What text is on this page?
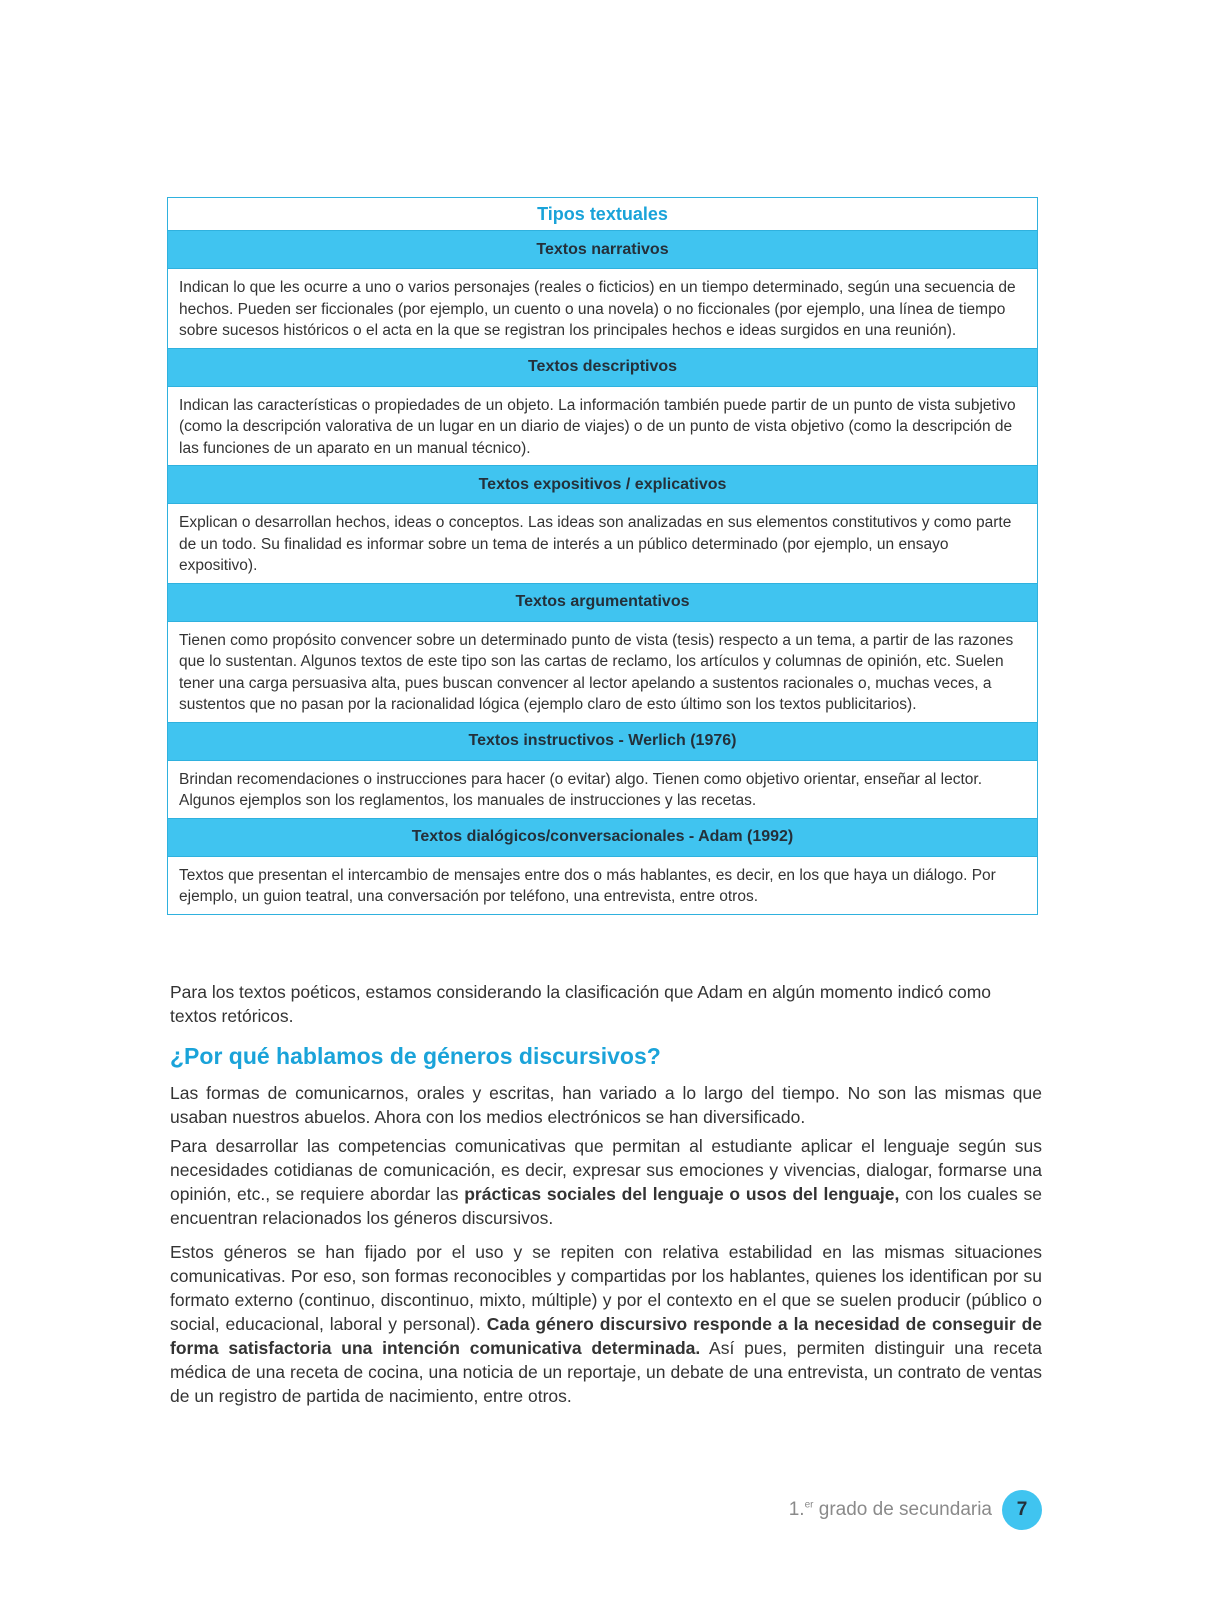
Tipos textuales
Textos narrativos
Indican lo que les ocurre a uno o varios personajes (reales o ficticios) en un tiempo determinado, según una secuencia de hechos. Pueden ser ficcionales (por ejemplo, un cuento o una novela) o no ficcionales (por ejemplo, una línea de tiempo sobre sucesos históricos o el acta en la que se registran los principales hechos e ideas surgidos en una reunión).
Textos descriptivos
Indican las características o propiedades de un objeto. La información también puede partir de un punto de vista subjetivo (como la descripción valorativa de un lugar en un diario de viajes) o de un punto de vista objetivo (como la descripción de las funciones de un aparato en un manual técnico).
Textos expositivos / explicativos
Explican o desarrollan hechos, ideas o conceptos. Las ideas son analizadas en sus elementos constitutivos y como parte de un todo. Su finalidad es informar sobre un tema de interés a un público determinado (por ejemplo, un ensayo expositivo).
Textos argumentativos
Tienen como propósito convencer sobre un determinado punto de vista (tesis) respecto a un tema, a partir de las razones que lo sustentan. Algunos textos de este tipo son las cartas de reclamo, los artículos y columnas de opinión, etc. Suelen tener una carga persuasiva alta, pues buscan convencer al lector apelando a sustentos racionales o, muchas veces, a sustentos que no pasan por la racionalidad lógica (ejemplo claro de esto último son los textos publicitarios).
Textos instructivos - Werlich (1976)
Brindan recomendaciones o instrucciones para hacer (o evitar) algo. Tienen como objetivo orientar, enseñar al lector. Algunos ejemplos son los reglamentos, los manuales de instrucciones y las recetas.
Textos dialógicos/conversacionales - Adam (1992)
Textos que presentan el intercambio de mensajes entre dos o más hablantes, es decir, en los que haya un diálogo. Por ejemplo, un guion teatral, una conversación por teléfono, una entrevista, entre otros.

Para los textos poéticos, estamos considerando la clasificación que Adam en algún momento indicó como textos retóricos.

¿Por qué hablamos de géneros discursivos?

Las formas de comunicarnos, orales y escritas, han variado a lo largo del tiempo. No son las mismas que usaban nuestros abuelos. Ahora con los medios electrónicos se han diversificado.

Para desarrollar las competencias comunicativas que permitan al estudiante aplicar el lenguaje según sus necesidades cotidianas de comunicación, es decir, expresar sus emociones y vivencias, dialogar, formarse una opinión, etc., se requiere abordar las prácticas sociales del lenguaje o usos del lenguaje, con los cuales se encuentran relacionados los géneros discursivos.

Estos géneros se han fijado por el uso y se repiten con relativa estabilidad en las mismas situaciones comunicativas. Por eso, son formas reconocibles y compartidas por los hablantes, quienes los identifican por su formato externo (continuo, discontinuo, mixto, múltiple) y por el contexto en el que se suelen producir (público o social, educacional, laboral y personal). Cada género discursivo responde a la necesidad de conseguir de forma satisfactoria una intención comunicativa determinada. Así pues, permiten distinguir una receta médica de una receta de cocina, una noticia de un reportaje, un debate de una entrevista, un contrato de ventas de un registro de partida de nacimiento, entre otros.

1.$^{er}$ grado de secundaria	7
